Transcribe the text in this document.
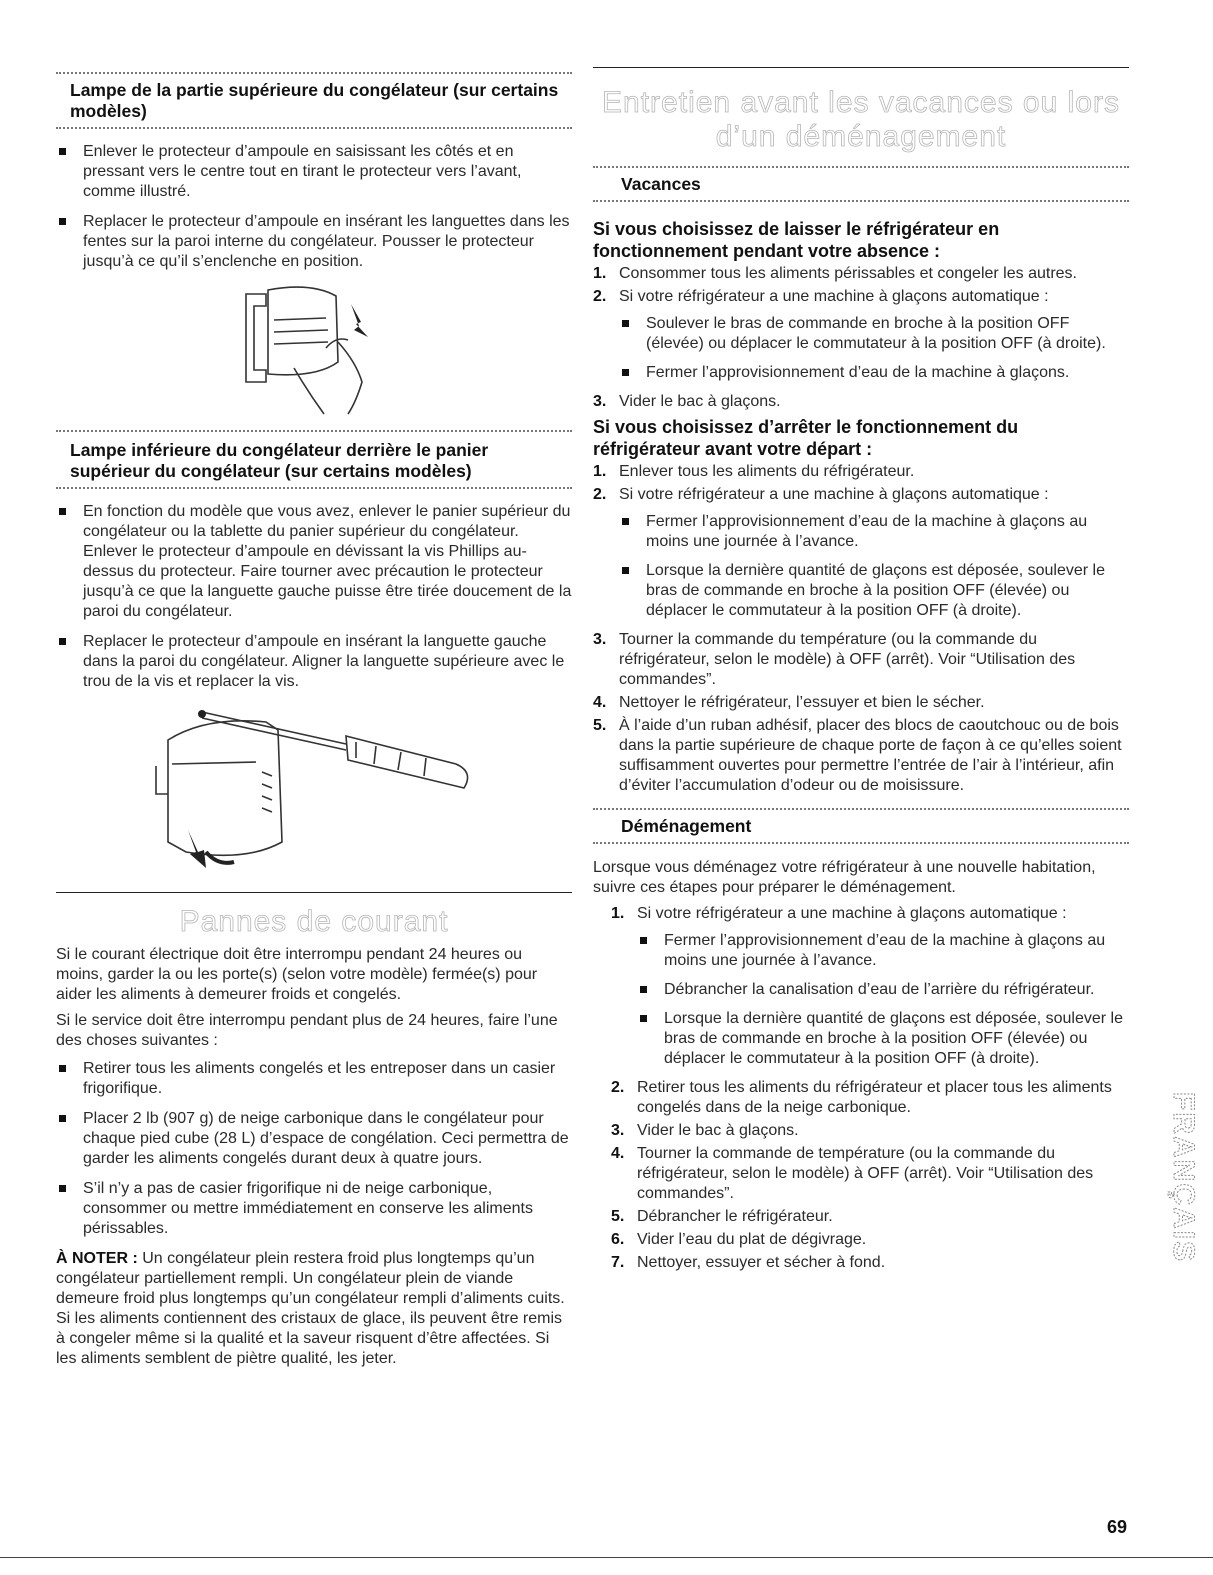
Lampe de la partie supérieure du congélateur (sur certains modèles)
Enlever le protecteur d’ampoule en saisissant les côtés et en pressant vers le centre tout en tirant le protecteur vers l’avant, comme illustré.
Replacer le protecteur d’ampoule en insérant les languettes dans les fentes sur la paroi interne du congélateur. Pousser le protecteur jusqu’à ce qu’il s’enclenche en position.
Lampe inférieure du congélateur derrière le panier supérieur du congélateur (sur certains modèles)
En fonction du modèle que vous avez, enlever le panier supérieur du congélateur ou la tablette du panier supérieur du congélateur. Enlever le protecteur d’ampoule en dévissant la vis Phillips au-dessus du protecteur. Faire tourner avec précaution le protecteur jusqu’à ce que la languette gauche puisse être tirée doucement de la paroi du congélateur.
Replacer le protecteur d’ampoule en insérant la languette gauche dans la paroi du congélateur. Aligner la languette supérieure avec le trou de la vis et replacer la vis.
Pannes de courant

Si le courant électrique doit être interrompu pendant 24 heures ou moins, garder la ou les porte(s) (selon votre modèle) fermée(s) pour aider les aliments à demeurer froids et congelés.

Si le service doit être interrompu pendant plus de 24 heures, faire l’une des choses suivantes :

Retirer tous les aliments congelés et les entreposer dans un casier frigorifique.
Placer 2 lb (907 g) de neige carbonique dans le congélateur pour chaque pied cube (28 L) d’espace de congélation. Ceci permettra de garder les aliments congelés durant deux à quatre jours.
S’il n’y a pas de casier frigorifique ni de neige carbonique, consommer ou mettre immédiatement en conserve les aliments périssables.

À NOTER : Un congélateur plein restera froid plus longtemps qu’un congélateur partiellement rempli. Un congélateur plein de viande demeure froid plus longtemps qu’un congélateur rempli d’aliments cuits. Si les aliments contiennent des cristaux de glace, ils peuvent être remis à congeler même si la qualité et la saveur risquent d’être affectées. Si les aliments semblent de piètre qualité, les jeter.

Entretien avant les vacances ou lors
d’un déménagement
Vacances
Si vous choisissez de laisser le réfrigérateur en fonctionnement pendant votre absence :
1. Consommer tous les aliments périssables et congeler les autres.
2. Si votre réfrigérateur a une machine à glaçons automatique :
Soulever le bras de commande en broche à la position OFF (élevée) ou déplacer le commutateur à la position OFF (à droite).
Fermer l’approvisionnement d’eau de la machine à glaçons.
3. Vider le bac à glaçons.
Si vous choisissez d’arrêter le fonctionnement du réfrigérateur avant votre départ :
1. Enlever tous les aliments du réfrigérateur.
2. Si votre réfrigérateur a une machine à glaçons automatique :
Fermer l’approvisionnement d’eau de la machine à glaçons au moins une journée à l’avance.
Lorsque la dernière quantité de glaçons est déposée, soulever le bras de commande en broche à la position OFF (élevée) ou déplacer le commutateur à la position OFF (à droite).
3. Tourner la commande du température (ou la commande du réfrigérateur, selon le modèle) à OFF (arrêt). Voir “Utilisation des commandes”.
4. Nettoyer le réfrigérateur, l’essuyer et bien le sécher.
5. À l’aide d’un ruban adhésif, placer des blocs de caoutchouc ou de bois dans la partie supérieure de chaque porte de façon à ce qu’elles soient suffisamment ouvertes pour permettre l’entrée de l’air à l’intérieur, afin d’éviter l’accumulation d’odeur ou de moisissure.
Déménagement

Lorsque vous déménagez votre réfrigérateur à une nouvelle habitation, suivre ces étapes pour préparer le déménagement.

1. Si votre réfrigérateur a une machine à glaçons automatique :
Fermer l’approvisionnement d’eau de la machine à glaçons au moins une journée à l’avance.
Débrancher la canalisation d’eau de l’arrière du réfrigérateur.
Lorsque la dernière quantité de glaçons est déposée, soulever le bras de commande en broche à la position OFF (élevée) ou déplacer le commutateur à la position OFF (à droite).
2. Retirer tous les aliments du réfrigérateur et placer tous les aliments congelés dans de la neige carbonique.
3. Vider le bac à glaçons.
4. Tourner la commande de température (ou la commande du réfrigérateur, selon le modèle) à OFF (arrêt). Voir “Utilisation des commandes”.
5. Débrancher le réfrigérateur.
6. Vider l’eau du plat de dégivrage.
7. Nettoyer, essuyer et sécher à fond.	FRANÇAIS
69
